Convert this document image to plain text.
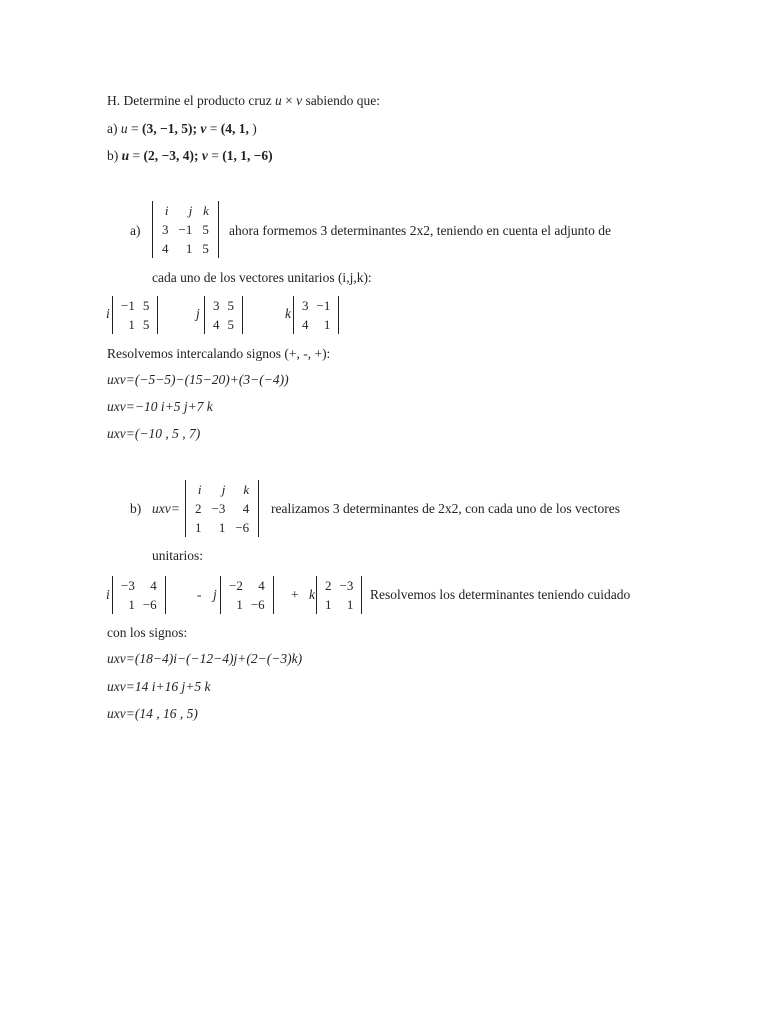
H. Determine el producto cruz u × v sabiendo que:
a) u = (3, −1, 5); v = (4, 1, )
b) u = (2, −3, 4); v = (1, 1, −6)
a)
i	j	k
3	−1	5
4	1	5
ahora formemos 3 determinantes 2x2, teniendo en cuenta el adjunto de
cada uno de los vectores unitarios (i,j,k):
i
−1	5
1	5
j
3	5
4	5
k
3	−1
4	1
Resolvemos intercalando signos (+, -, +):
uxv=(−5−5)−(15−20)+(3−(−4))
uxv=−10 i+5 j+7 k
uxv=(−10 , 5 , 7)
b) uxv=
i	j	k
2	−3	4
1	1	−6
realizamos 3 determinantes de 2x2, con cada uno de los vectores
unitarios:
i
−3	4
1	−6
- j
−2	4
1	−6
+ k
2	−3
1	1
Resolvemos los determinantes teniendo cuidado
con los signos:
uxv=(18−4)i−(−12−4)j+(2−(−3)k)
uxv=14 i+16 j+5 k
uxv=(14 , 16 , 5)
